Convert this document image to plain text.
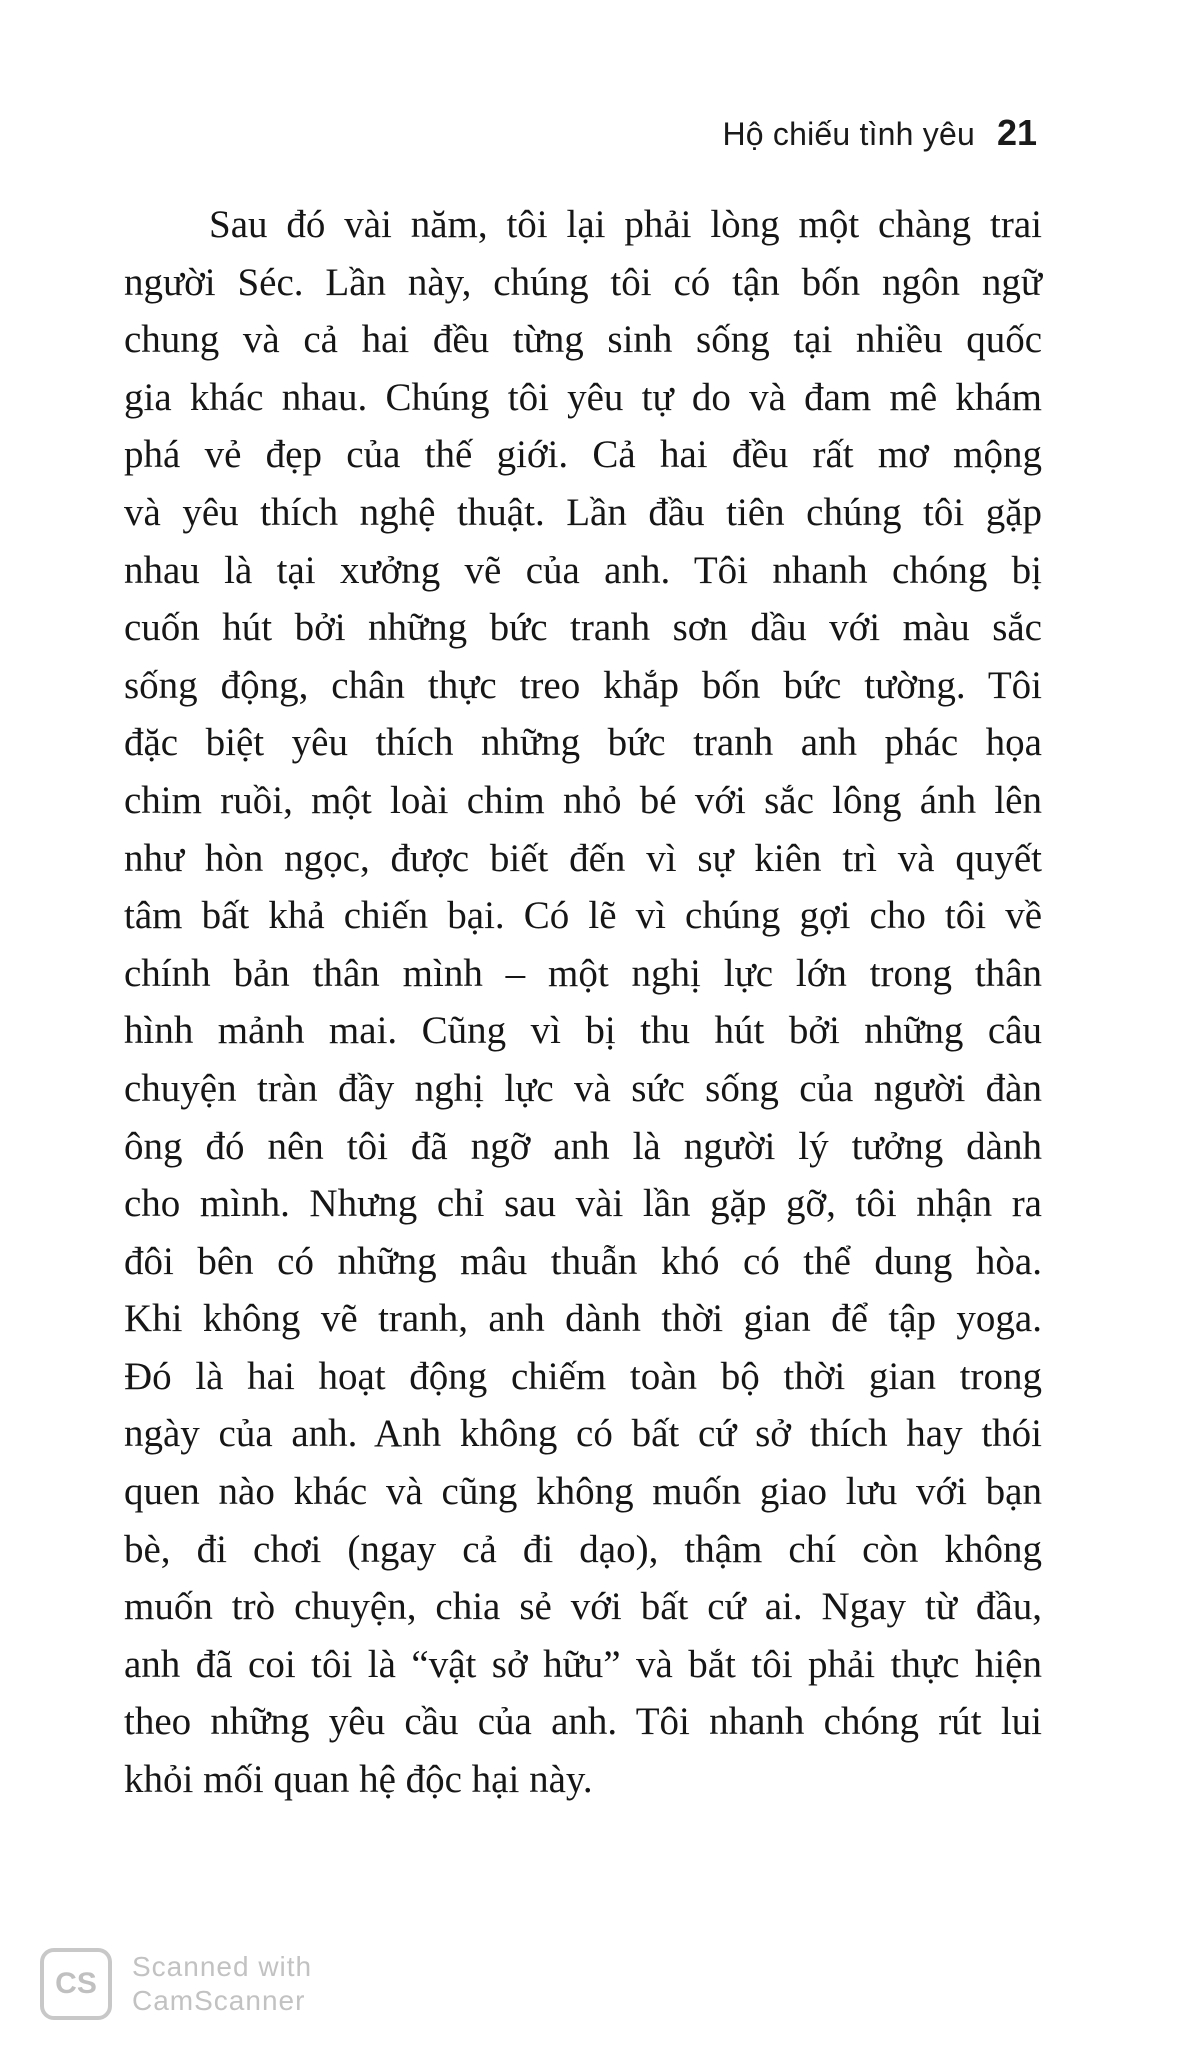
Hộ chiếu tình yêu 21

Sau đó vài năm, tôi lại phải lòng một chàng trai
người Séc. Lần này, chúng tôi có tận bốn ngôn ngữ
chung và cả hai đều từng sinh sống tại nhiều quốc
gia khác nhau. Chúng tôi yêu tự do và đam mê khám
phá vẻ đẹp của thế giới. Cả hai đều rất mơ mộng
và yêu thích nghệ thuật. Lần đầu tiên chúng tôi gặp
nhau là tại xưởng vẽ của anh. Tôi nhanh chóng bị
cuốn hút bởi những bức tranh sơn dầu với màu sắc
sống động, chân thực treo khắp bốn bức tường. Tôi
đặc biệt yêu thích những bức tranh anh phác họa
chim ruồi, một loài chim nhỏ bé với sắc lông ánh lên
như hòn ngọc, được biết đến vì sự kiên trì và quyết
tâm bất khả chiến bại. Có lẽ vì chúng gợi cho tôi về
chính bản thân mình – một nghị lực lớn trong thân
hình mảnh mai. Cũng vì bị thu hút bởi những câu
chuyện tràn đầy nghị lực và sức sống của người đàn
ông đó nên tôi đã ngỡ anh là người lý tưởng dành
cho mình. Nhưng chỉ sau vài lần gặp gỡ, tôi nhận ra
đôi bên có những mâu thuẫn khó có thể dung hòa.
Khi không vẽ tranh, anh dành thời gian để tập yoga.
Đó là hai hoạt động chiếm toàn bộ thời gian trong
ngày của anh. Anh không có bất cứ sở thích hay thói
quen nào khác và cũng không muốn giao lưu với bạn
bè, đi chơi (ngay cả đi dạo), thậm chí còn không
muốn trò chuyện, chia sẻ với bất cứ ai. Ngay từ đầu,
anh đã coi tôi là “vật sở hữu” và bắt tôi phải thực hiện
theo những yêu cầu của anh. Tôi nhanh chóng rút lui
khỏi mối quan hệ độc hại này.

CS
Scanned with
CamScanner
